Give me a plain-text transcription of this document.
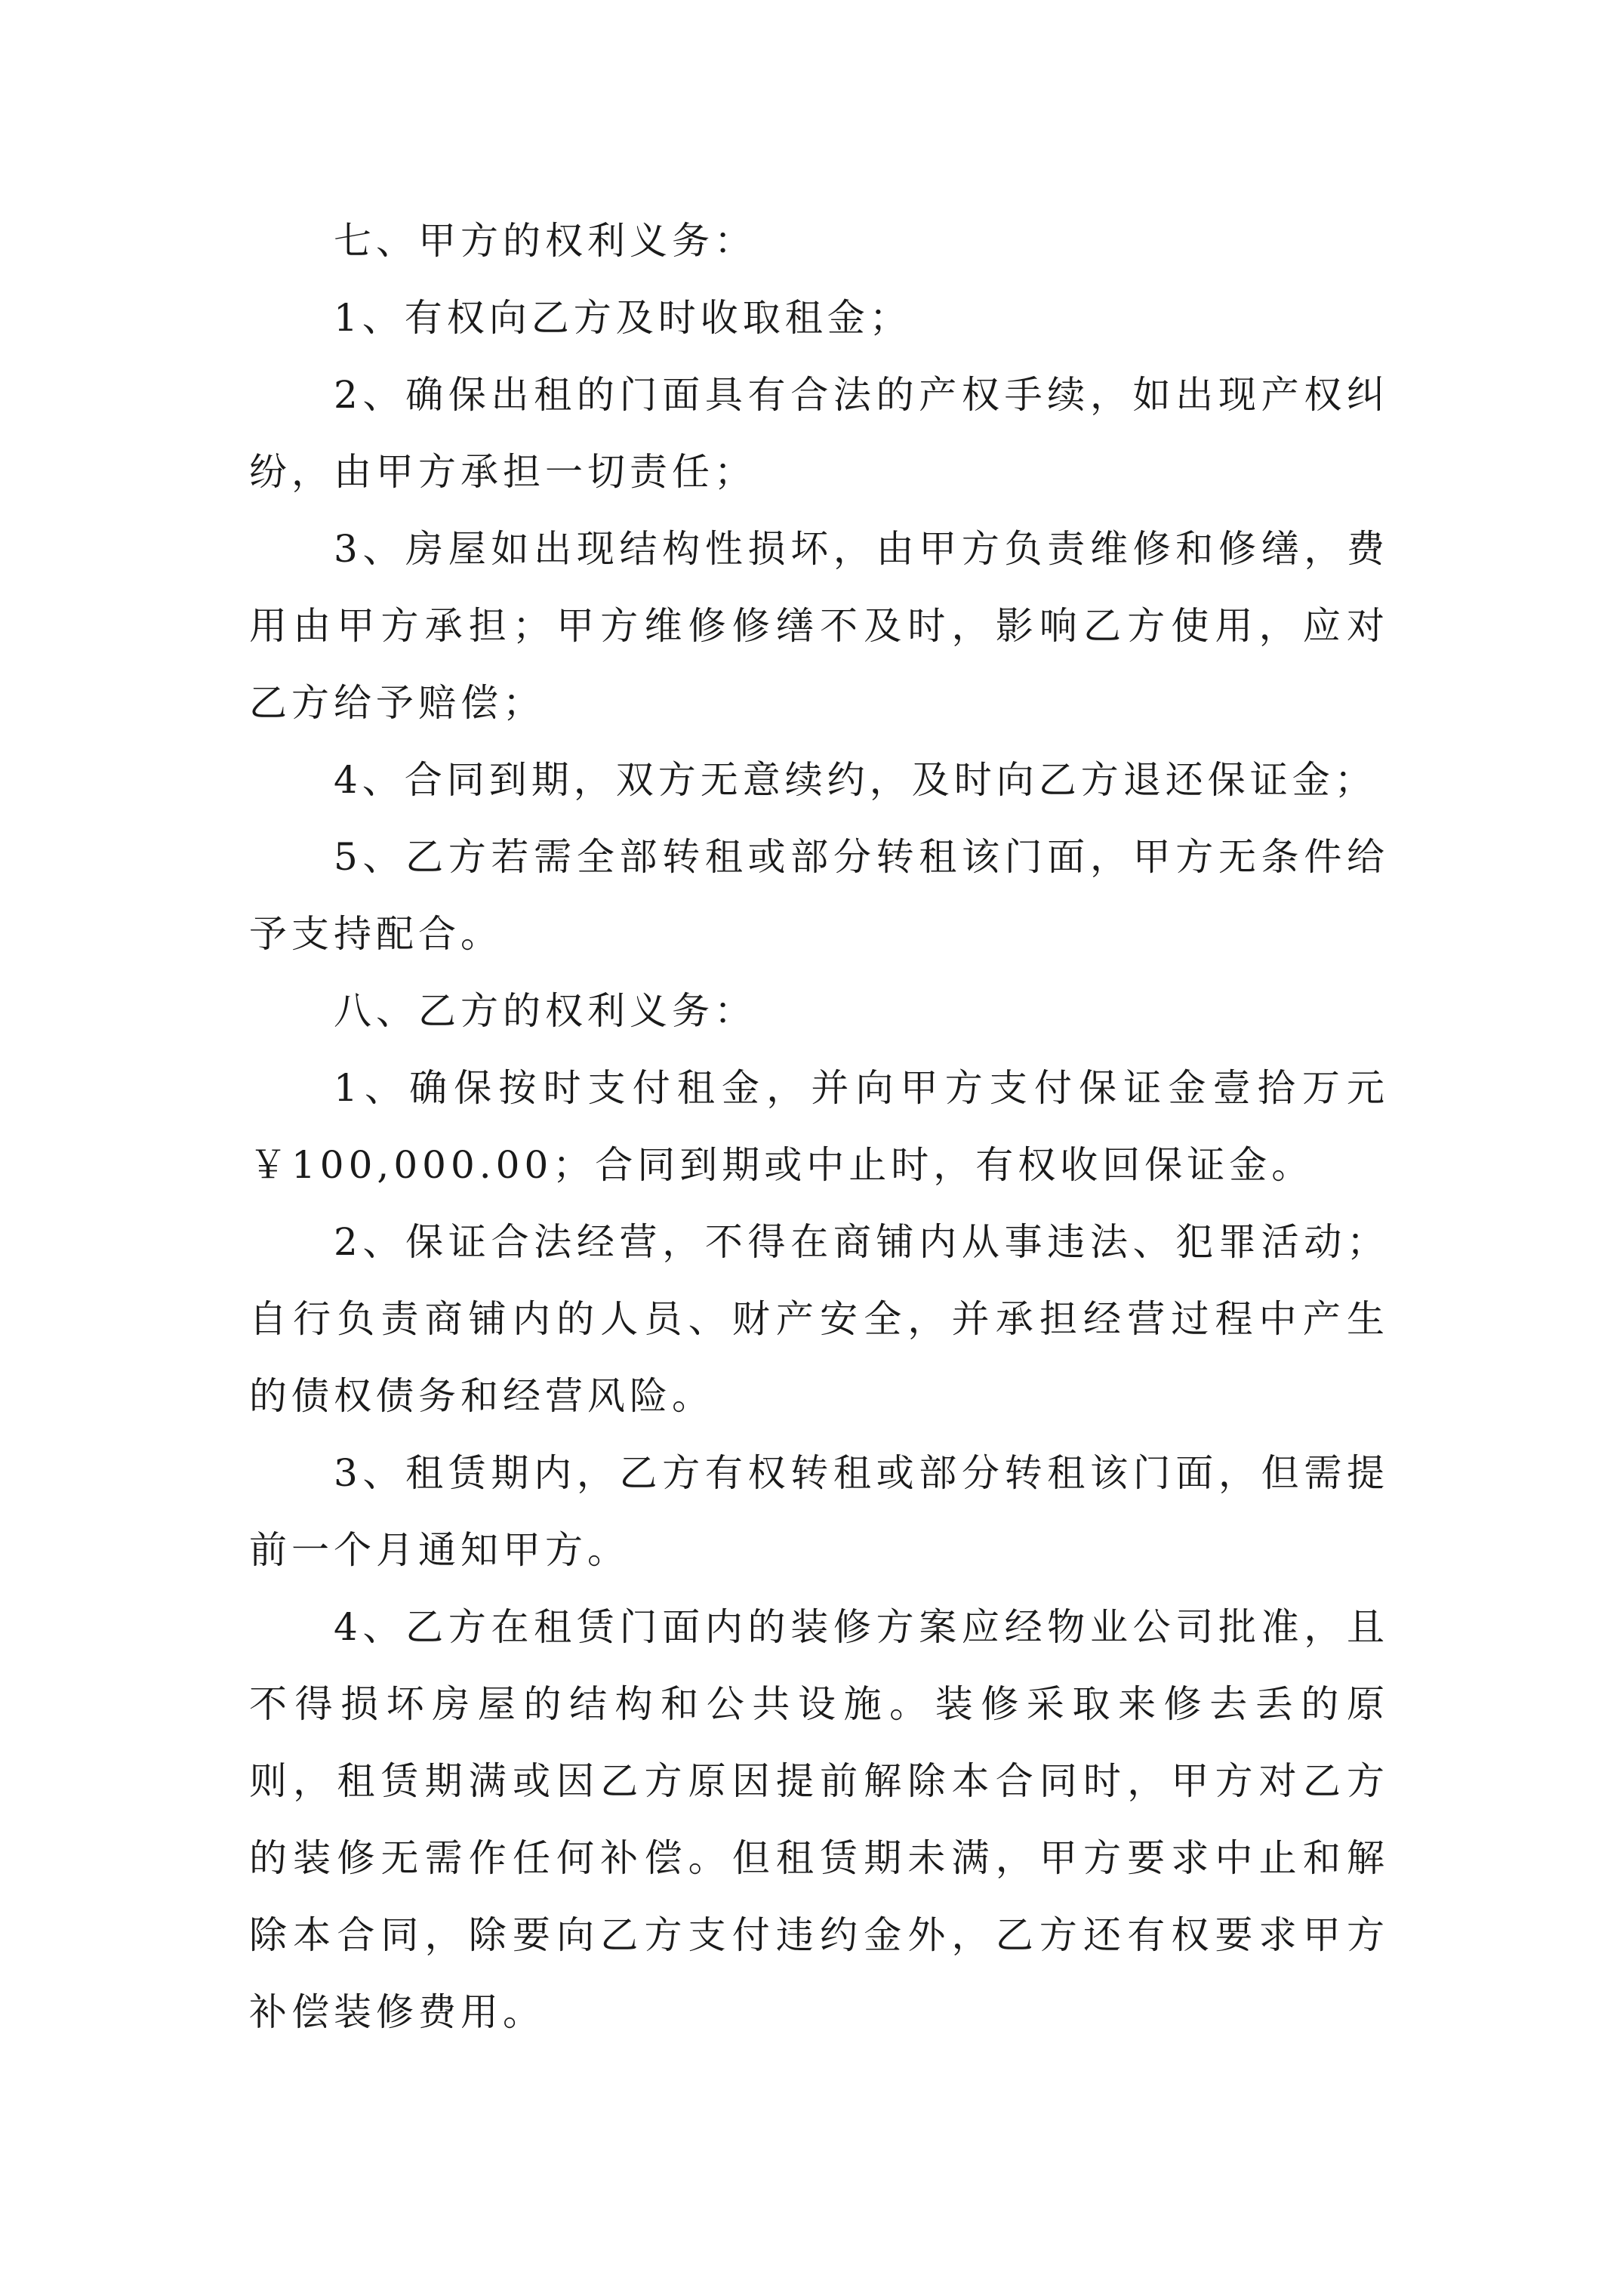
七、甲方的权利义务：

1、有权向乙方及时收取租金；

2、确保出租的门面具有合法的产权手续，如出现产权纠纷，由甲方承担一切责任；

3、房屋如出现结构性损坏，由甲方负责维修和修缮，费用由甲方承担；甲方维修修缮不及时，影响乙方使用，应对乙方给予赔偿；

4、合同到期，双方无意续约，及时向乙方退还保证金；

5、乙方若需全部转租或部分转租该门面，甲方无条件给予支持配合。

八、乙方的权利义务：

1、确保按时支付租金，并向甲方支付保证金壹拾万元￥100,000.00；合同到期或中止时，有权收回保证金。

2、保证合法经营，不得在商铺内从事违法、犯罪活动；自行负责商铺内的人员、财产安全，并承担经营过程中产生的债权债务和经营风险。

3、租赁期内，乙方有权转租或部分转租该门面，但需提前一个月通知甲方。

4、乙方在租赁门面内的装修方案应经物业公司批准，且不得损坏房屋的结构和公共设施。装修采取来修去丢的原则，租赁期满或因乙方原因提前解除本合同时，甲方对乙方的装修无需作任何补偿。但租赁期未满，甲方要求中止和解除本合同，除要向乙方支付违约金外，乙方还有权要求甲方补偿装修费用。
